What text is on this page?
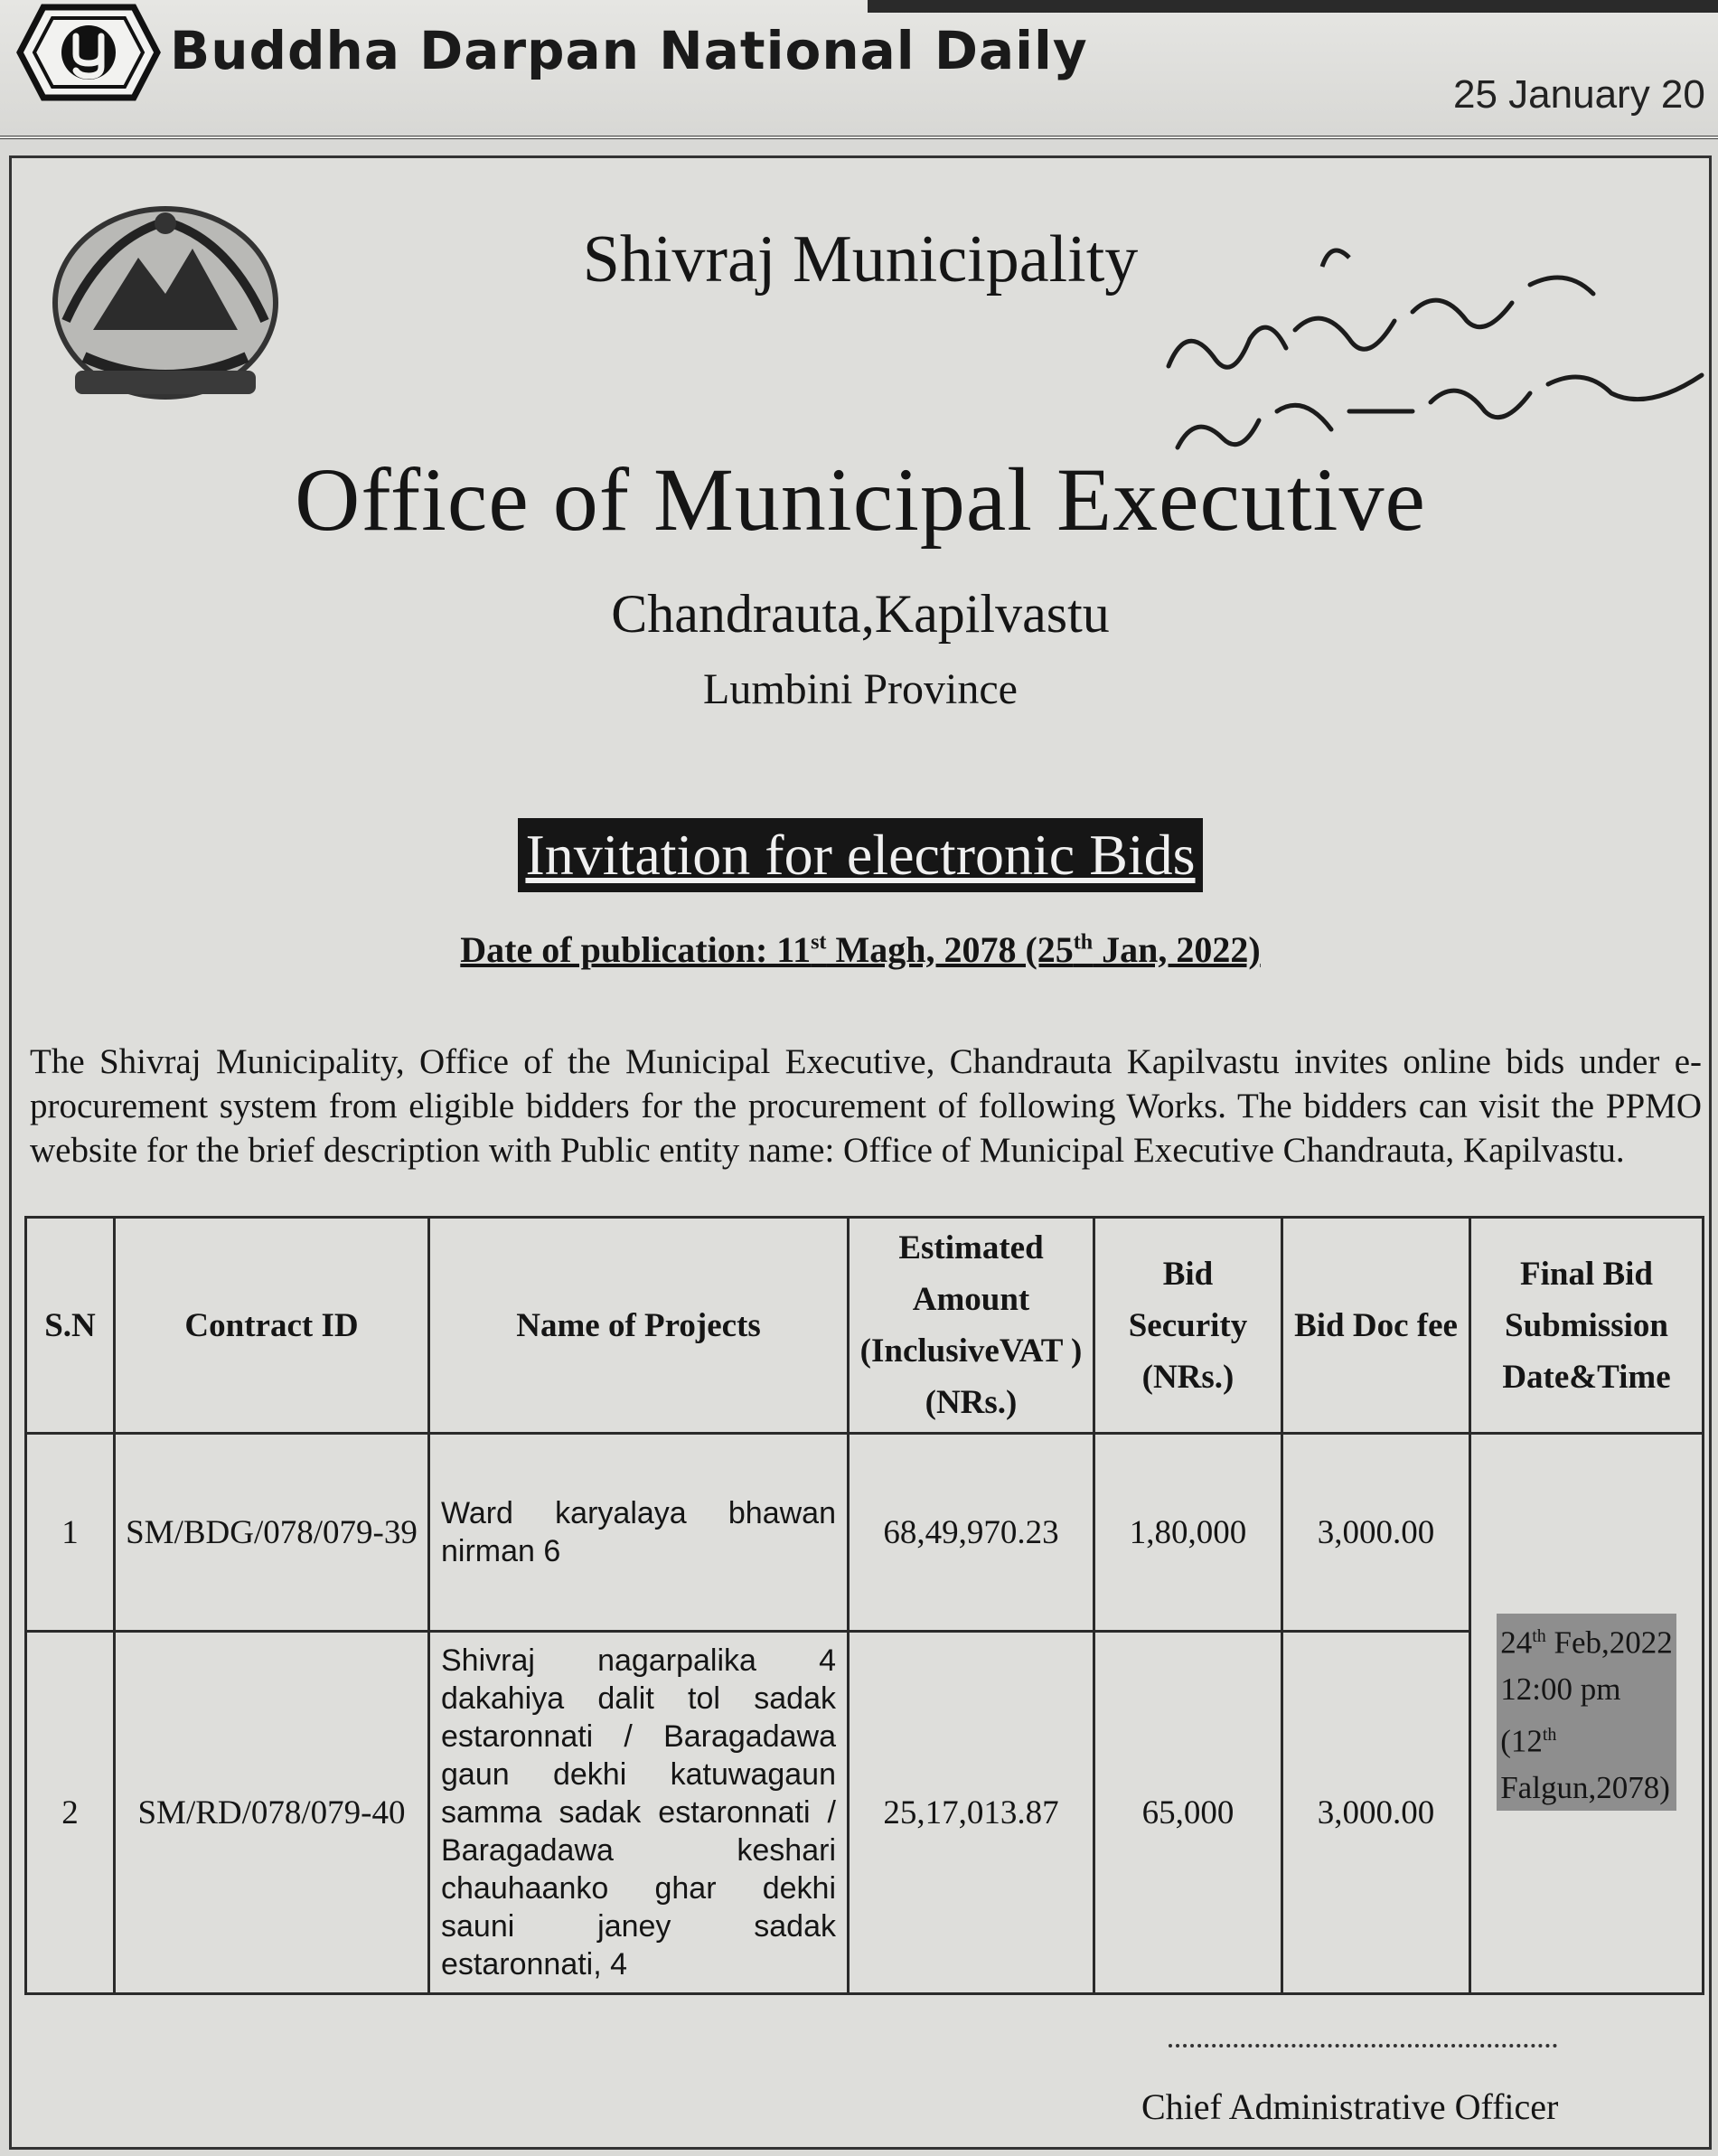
Buddha Darpan National Daily
25 January 20
Shivraj Municipality
Office of Municipal Executive
Chandrauta,Kapilvastu
Lumbini Province
Invitation for electronic Bids
Date of publication: 11st Magh, 2078 (25th Jan, 2022)
The Shivraj Municipality, Office of the Municipal Executive, Chandrauta Kapilvastu invites online bids under e-procurement system from eligible bidders for the procurement of following Works. The bidders can visit the PPMO website for the brief description with Public entity name: Office of Municipal Executive Chandrauta, Kapilvastu.
S.N	Contract ID	Name of Projects	Estimated Amount (InclusiveVAT )(NRs.)	Bid Security (NRs.)	Bid Doc fee	Final Bid Submission Date&Time
1	SM/BDG/078/079-39	Ward karyalaya bhawan nirman 6	68,49,970.23	1,80,000	3,000.00	24th Feb,2022
12:00 pm
(12th
Falgun,2078)
2	SM/RD/078/079-40	Shivraj nagarpalika 4 dakahiya dalit tol sadak estaronnati / Baragadawa gaun dekhi katuwagaun samma sadak estaronnati / Baragadawa keshari chauhaanko ghar dekhi sauni janey sadak estaronnati, 4	25,17,013.87	65,000	3,000.00	
Chief Administrative Officer
